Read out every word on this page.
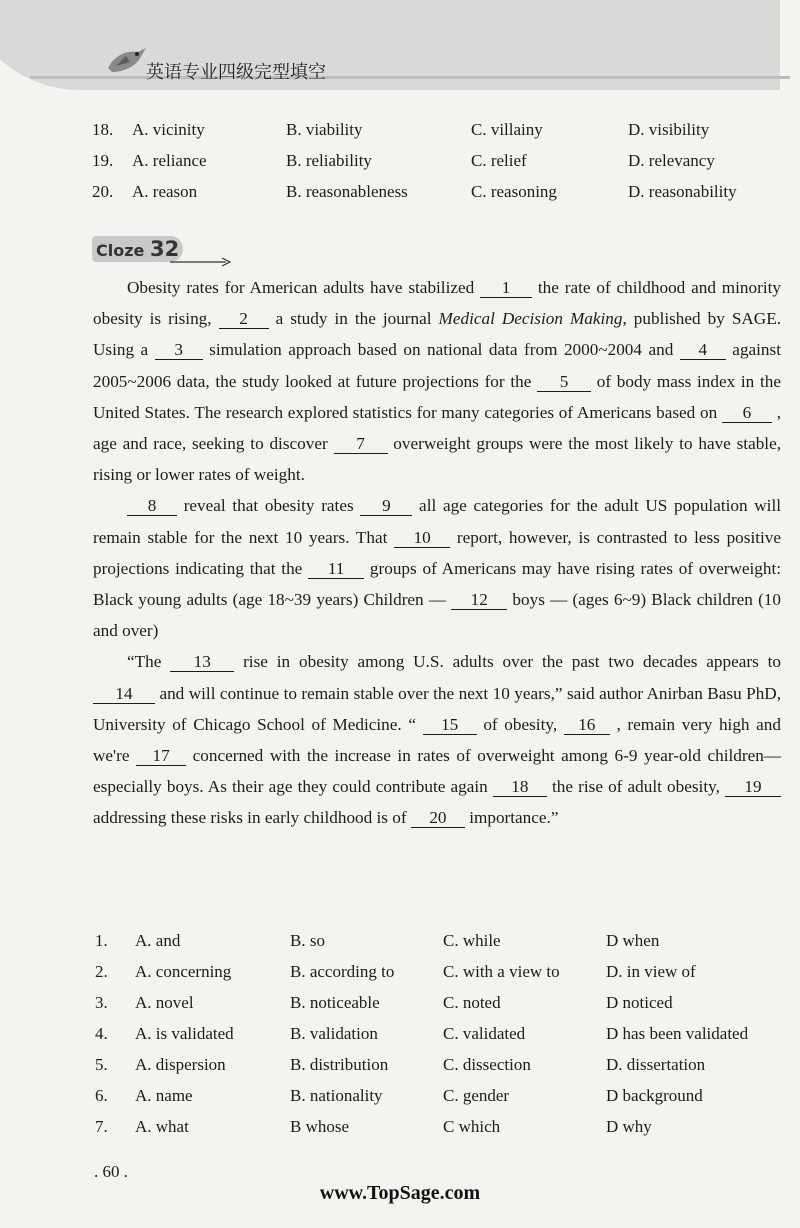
英语专业四级完型填空
18. A. vicinity	B. viability	C. villainy	D. visibility
19. A. reliance	B. reliability	C. relief	D. relevancy
20. A. reason	B. reasonableness	C. reasoning	D. reasonability
Cloze 32

Obesity rates for American adults have stabilized 1 the rate of childhood and minority obesity is rising, 2 a study in the journal Medical Decision Making, published by SAGE. Using a 3 simulation approach based on national data from 2000~2004 and 4 against 2005~2006 data, the study looked at future projections for the 5 of body mass index in the United States. The research explored statistics for many categories of Americans based on 6 , age and race, seeking to discover 7 overweight groups were the most likely to have stable, rising or lower rates of weight.

8 reveal that obesity rates 9 all age categories for the adult US population will remain stable for the next 10 years. That 10 report, however, is contrasted to less positive projections indicating that the 11 groups of Americans may have rising rates of overweight: Black young adults (age 18~39 years) Children — 12 boys — (ages 6~9) Black children (10 and over)

“The 13 rise in obesity among U.S. adults over the past two decades appears to 14 and will continue to remain stable over the next 10 years,” said author Anirban Basu PhD, University of Chicago School of Medicine. “ 15 of obesity, 16 , remain very high and we're 17 concerned with the increase in rates of overweight among 6-9 year-old children—especially boys. As their age they could contribute again 18 the rise of adult obesity, 19 addressing these risks in early childhood is of 20 importance.”

1. A. and	B. so	C. while	D when
2. A. concerning	B. according to	C. with a view to	D. in view of
3. A. novel	B. noticeable	C. noted	D noticed
4. A. is validated	B. validation	C. validated	D has been validated
5. A. dispersion	B. distribution	C. dissection	D. dissertation
6. A. name	B. nationality	C. gender	D background
7. A. what	B whose	C which	D why
. 60 .
www.TopSage.com
